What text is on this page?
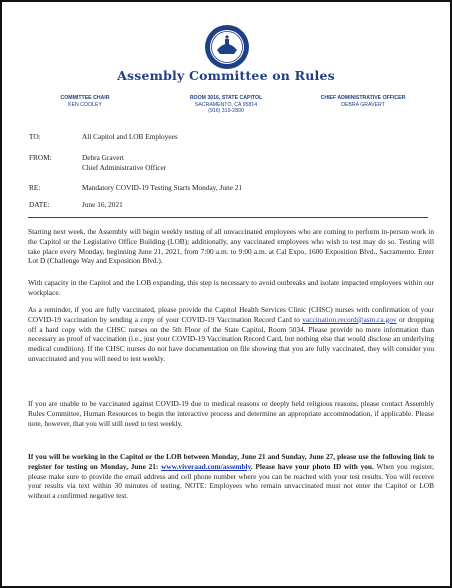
Assembly Committee on Rules
COMMITTEE CHAIR
KEN COOLEY
ROOM 3016, STATE CAPITOL
SACRAMENTO, CA 95814
(916) 319-2800
CHIEF ADMINISTRATIVE OFFICER
DEBRA GRAVERT
TO:	All Capitol and LOB Employees
FROM:	Debra Gravert
Chief Administrative Officer
RE:	Mandatory COVID-19 Testing Starts Monday, June 21
DATE:	June 16, 2021

Starting next week, the Assembly will begin weekly testing of all unvaccinated employees who are coming to perform in-person work in the Capitol or the Legislative Office Building (LOB); additionally, any vaccinated employees who wish to test may do so. Testing will take place every Monday, beginning June 21, 2021, from 7:00 a.m. to 9:00 a.m. at Cal Expo, 1600 Exposition Blvd., Sacramento. Enter Lot D (Challenge Way and Exposition Blvd.).

With capacity in the Capitol and the LOB expanding, this step is necessary to avoid outbreaks and isolate impacted employees within our workplace.

As a reminder, if you are fully vaccinated, please provide the Capitol Health Services Clinic (CHSC) nurses with confirmation of your COVID-19 vaccination by sending a copy of your COVID-19 Vaccination Record Card to vaccination.record@asm.ca.gov or dropping off a hard copy with the CHSC nurses on the 5th Floor of the State Capitol, Room 5034. Please provide no more information than necessary as proof of vaccination (i.e., just your COVID-19 Vaccination Record Card, but nothing else that would disclose an underlying medical condition). If the CHSC nurses do not have documentation on file showing that you are fully vaccinated, they will consider you unvaccinated and you will need to test weekly.

If you are unable to be vaccinated against COVID-19 due to medical reasons or deeply held religious reasons, please contact Assembly Rules Committee, Human Resources to begin the interactive process and determine an appropriate accommodation, if applicable. Please note, however, that you will still need to test weekly.

If you will be working in the Capitol or the LOB between Monday, June 21 and Sunday, June 27, please use the following link to register for testing on Monday, June 21: www.viveraad.com/assembly. Please have your photo ID with you. When you register, please make sure to provide the email address and cell phone number where you can be reached with your test results. You will receive your results via text within 30 minutes of testing. NOTE: Employees who remain unvaccinated must not enter the Capitol or LOB without a confirmed negative test.
